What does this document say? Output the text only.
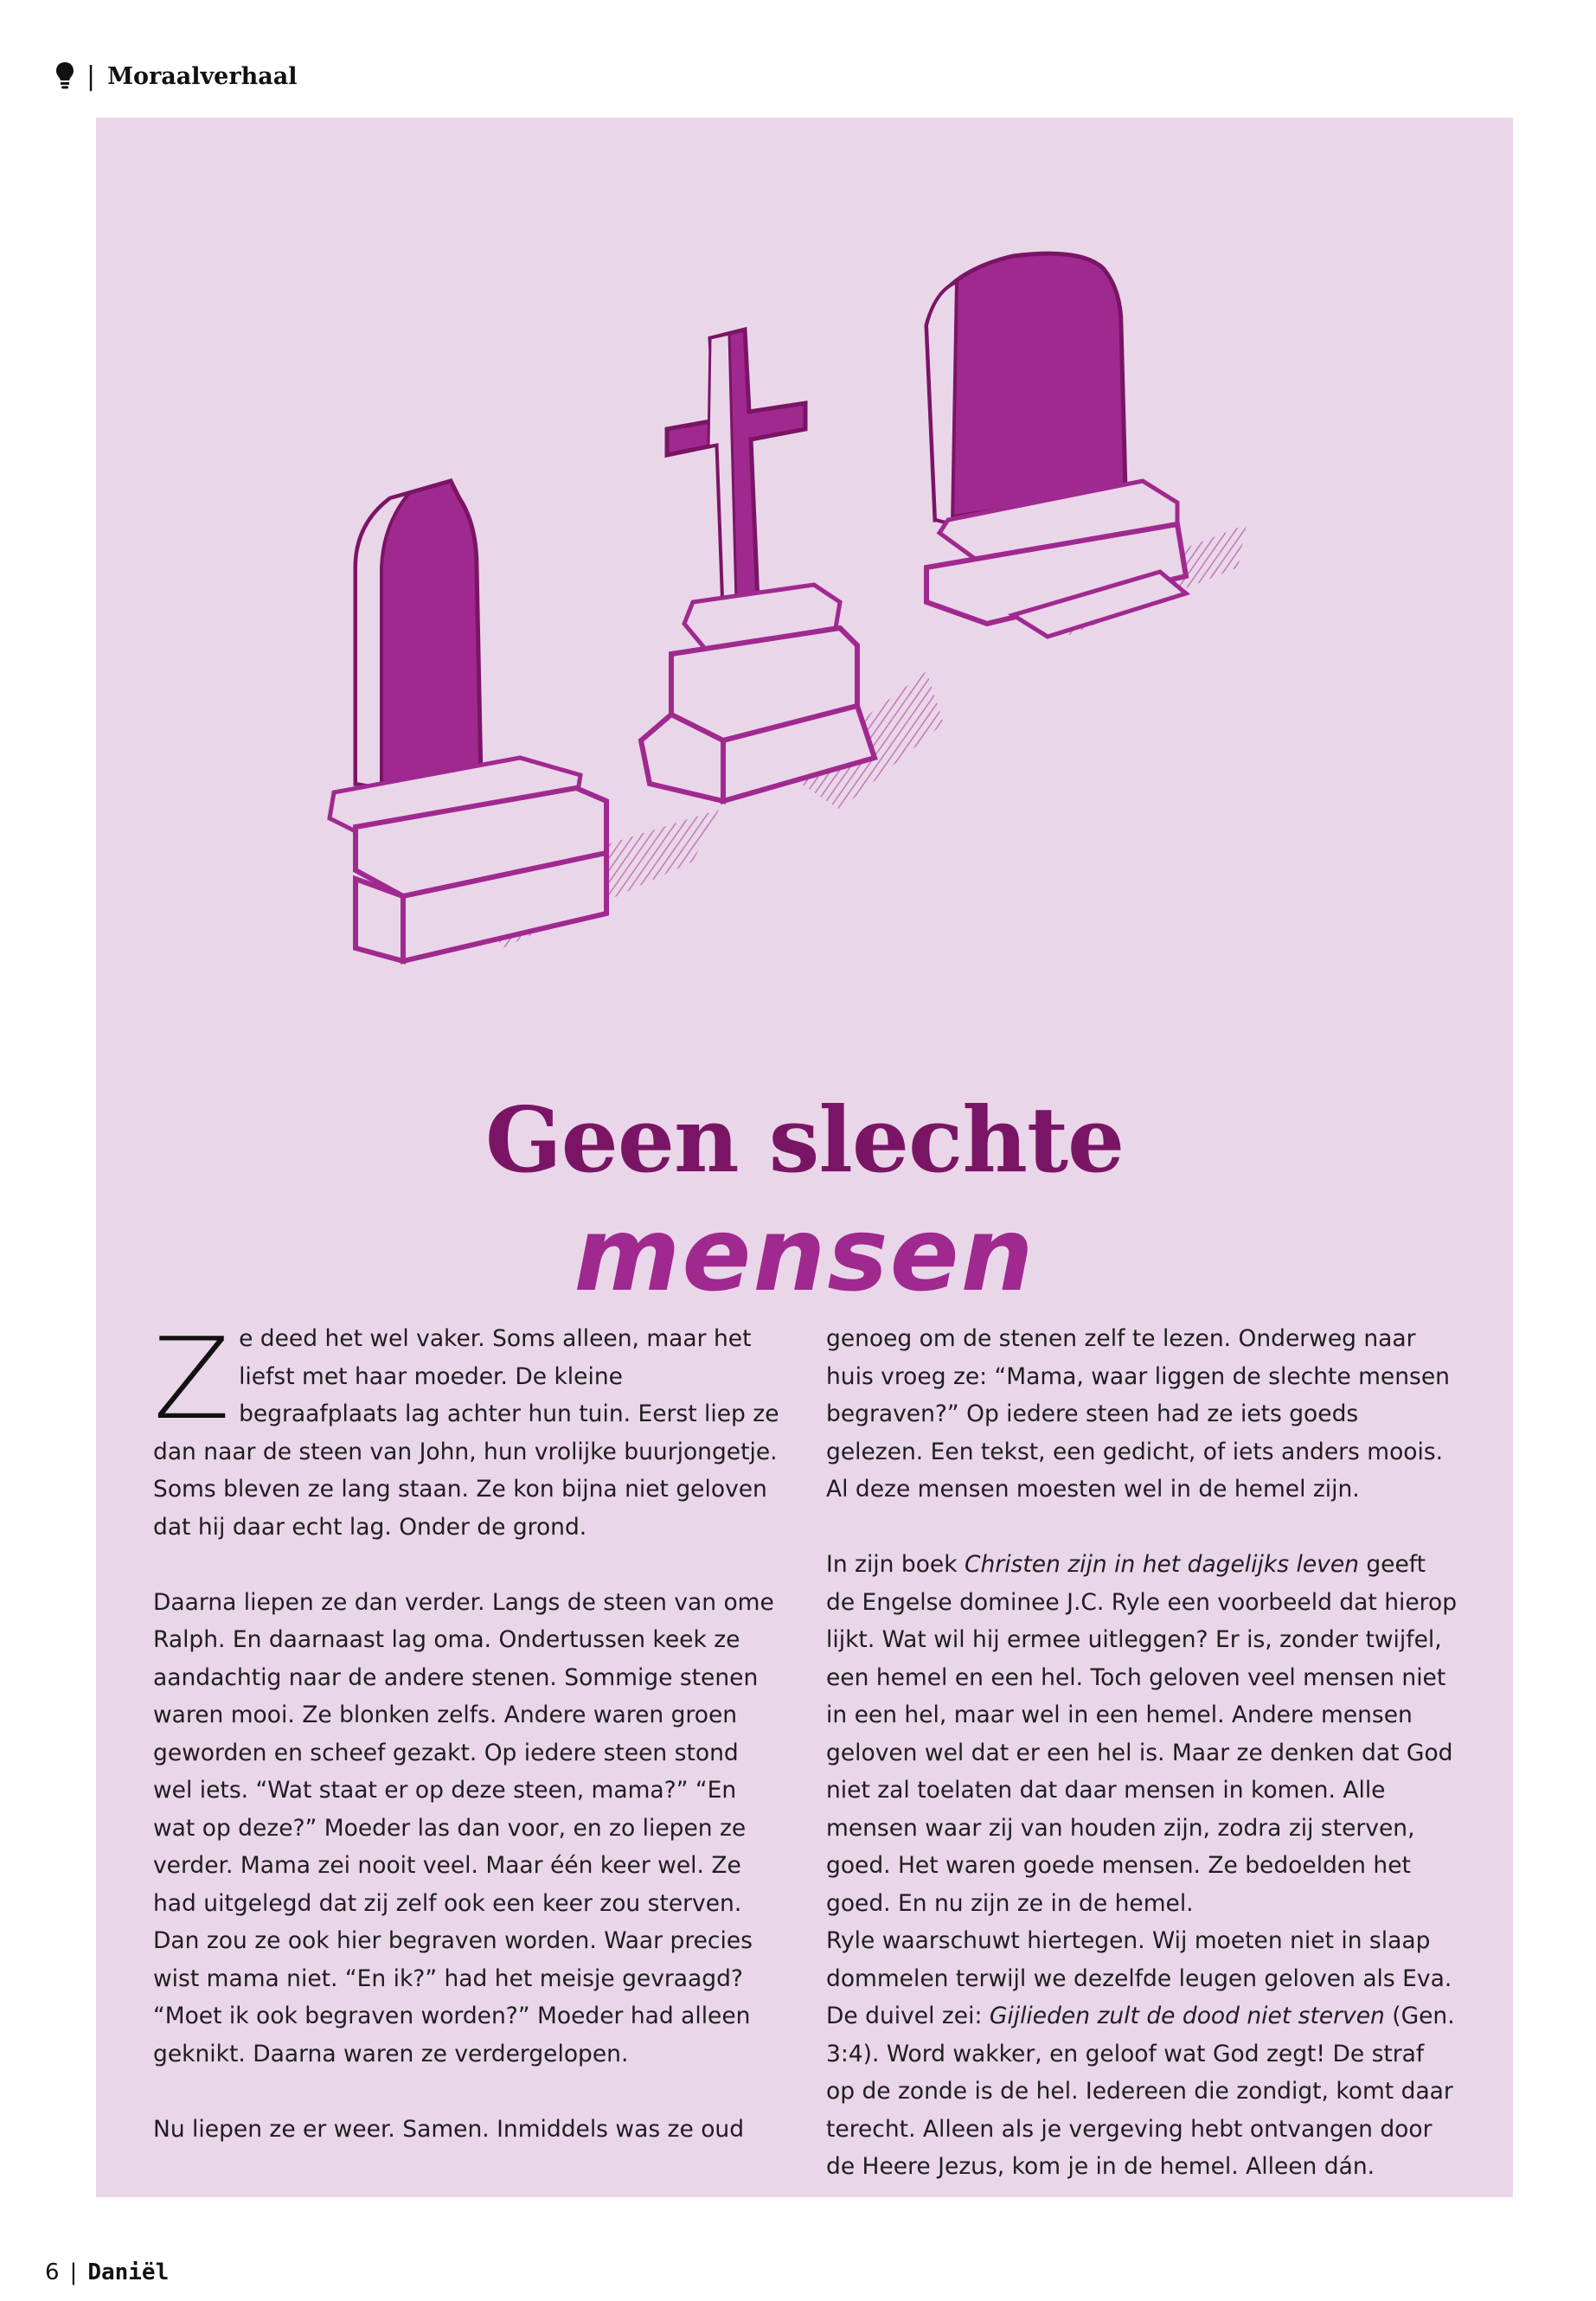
| Moraalverhaal
Geen slechte
mensen

Ze deed het wel vaker. Soms alleen, maar het liefst met haar moeder. De kleine begraafplaats lag achter hun tuin. Eerst liep ze dan naar de steen van John, hun vrolijke buurjongetje. Soms bleven ze lang staan. Ze kon bijna niet geloven dat hij daar echt lag. Onder de grond.

Daarna liepen ze dan verder. Langs de steen van ome Ralph. En daarnaast lag oma. Ondertussen keek ze aandachtig naar de andere stenen. Sommige stenen waren mooi. Ze blonken zelfs. Andere waren groen geworden en scheef gezakt. Op iedere steen stond wel iets. “Wat staat er op deze steen, mama?” “En wat op deze?” Moeder las dan voor, en zo liepen ze verder. Mama zei nooit veel. Maar één keer wel. Ze had uitgelegd dat zij zelf ook een keer zou sterven. Dan zou ze ook hier begraven worden. Waar precies wist mama niet. “En ik?” had het meisje gevraagd? “Moet ik ook begraven worden?” Moeder had alleen geknikt. Daarna waren ze verdergelopen.

Nu liepen ze er weer. Samen. Inmiddels was ze oud

genoeg om de stenen zelf te lezen. Onderweg naar huis vroeg ze: “Mama, waar liggen de slechte mensen begraven?” Op iedere steen had ze iets goeds gelezen. Een tekst, een gedicht, of iets anders moois. Al deze mensen moesten wel in de hemel zijn.

In zijn boek Christen zijn in het dagelijks leven geeft de Engelse dominee J.C. Ryle een voorbeeld dat hierop lijkt. Wat wil hij ermee uitleggen? Er is, zonder twijfel, een hemel en een hel. Toch geloven veel mensen niet in een hel, maar wel in een hemel. Andere mensen geloven wel dat er een hel is. Maar ze denken dat God niet zal toelaten dat daar mensen in komen. Alle mensen waar zij van houden zijn, zodra zij sterven, goed. Het waren goede mensen. Ze bedoelden het goed. En nu zijn ze in de hemel.
Ryle waarschuwt hiertegen. Wij moeten niet in slaap dommelen terwijl we dezelfde leugen geloven als Eva. De duivel zei: Gijlieden zult de dood niet sterven (Gen. 3:4). Word wakker, en geloof wat God zegt! De straf op de zonde is de hel. Iedereen die zondigt, komt daar terecht. Alleen als je vergeving hebt ontvangen door de Heere Jezus, kom je in de hemel. Alleen dán.

6 | Daniël
